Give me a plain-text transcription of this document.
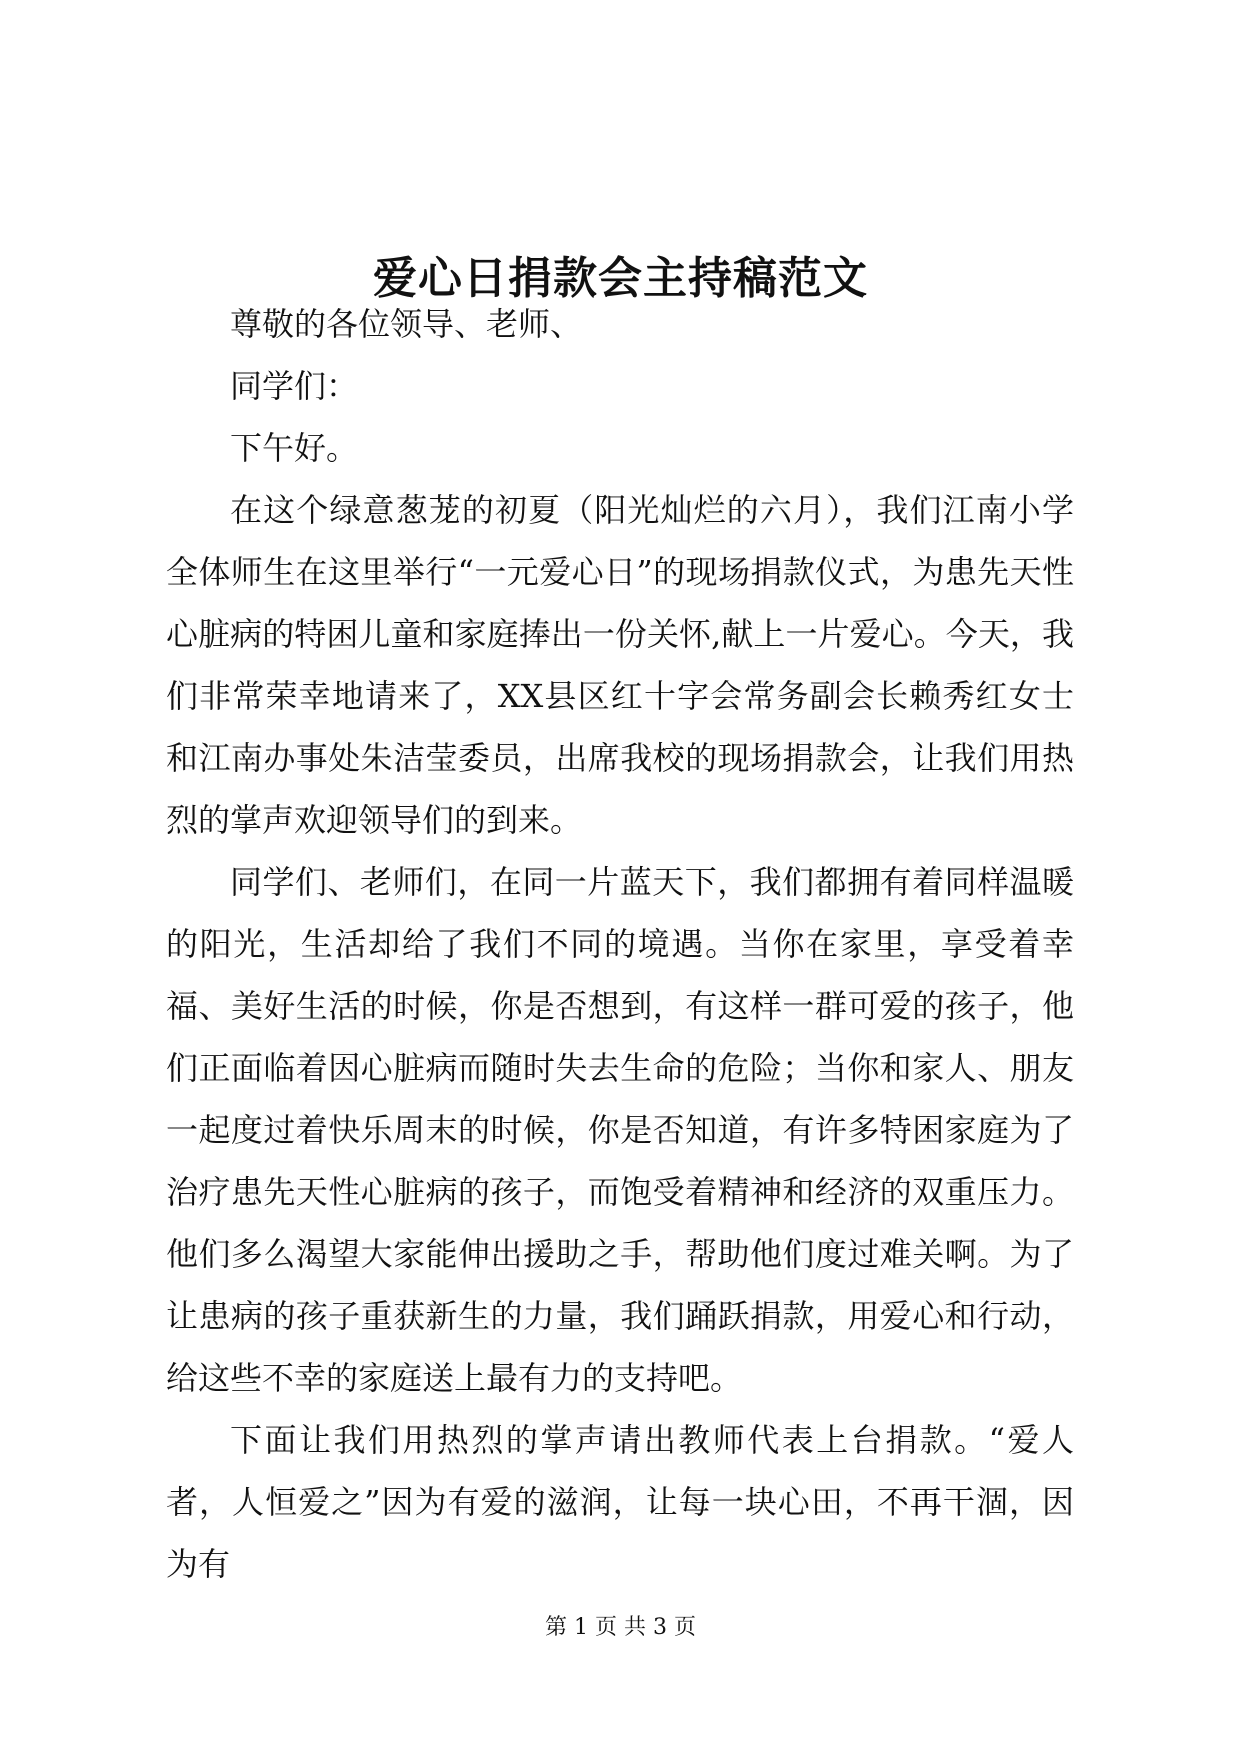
爱心日捐款会主持稿范文

尊敬的各位领导、老师、

同学们：

下午好。

在这个绿意葱茏的初夏（阳光灿烂的六月），我们江南小学全体师生在这里举行“一元爱心日”的现场捐款仪式，为患先天性心脏病的特困儿童和家庭捧出一份关怀,献上一片爱心。今天，我们非常荣幸地请来了，XX县区红十字会常务副会长赖秀红女士和江南办事处朱洁莹委员，出席我校的现场捐款会，让我们用热烈的掌声欢迎领导们的到来。

同学们、老师们，在同一片蓝天下，我们都拥有着同样温暖的阳光，生活却给了我们不同的境遇。当你在家里，享受着幸福、美好生活的时候，你是否想到，有这样一群可爱的孩子，他们正面临着因心脏病而随时失去生命的危险；当你和家人、朋友一起度过着快乐周末的时候，你是否知道，有许多特困家庭为了治疗患先天性心脏病的孩子，而饱受着精神和经济的双重压力。他们多么渴望大家能伸出援助之手，帮助他们度过难关啊。为了让患病的孩子重获新生的力量，我们踊跃捐款，用爱心和行动，给这些不幸的家庭送上最有力的支持吧。

下面让我们用热烈的掌声请出教师代表上台捐款。“爱人者，人恒爱之”因为有爱的滋润，让每一块心田，不再干涸，因为有

第 1 页 共 3 页
